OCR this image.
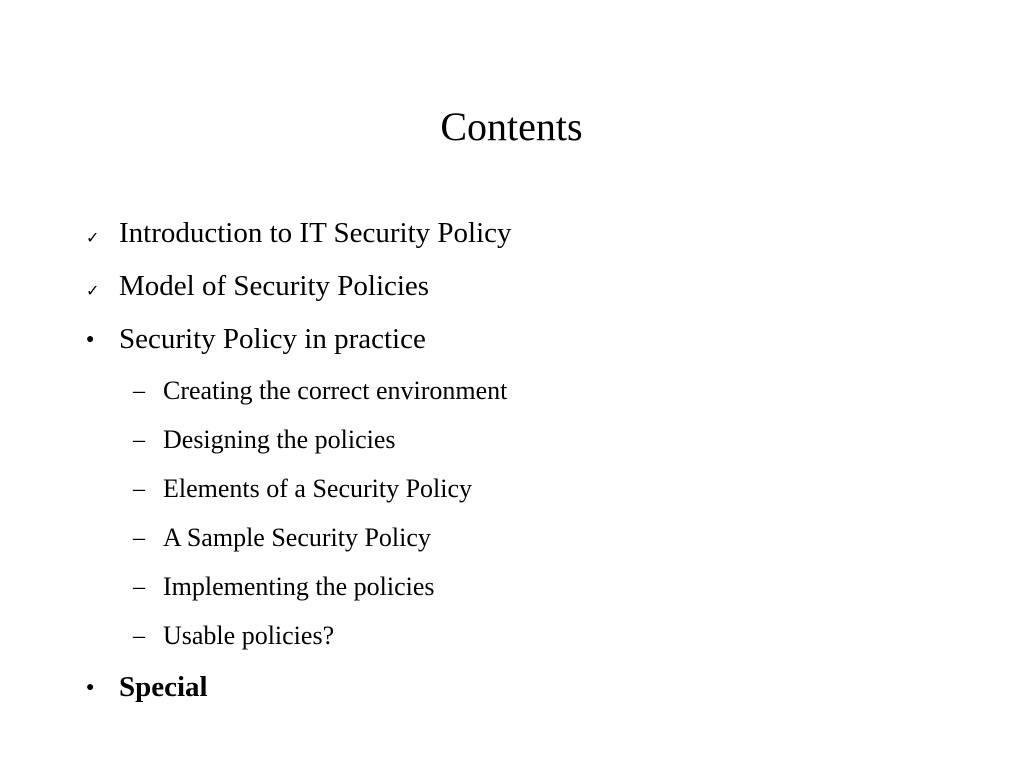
Contents
✓ Introduction to IT Security Policy
✓ Model of Security Policies
● Security Policy in practice
– Creating the correct environment
– Designing the policies
– Elements of a Security Policy
– A Sample Security Policy
– Implementing the policies
– Usable policies?
● Special
